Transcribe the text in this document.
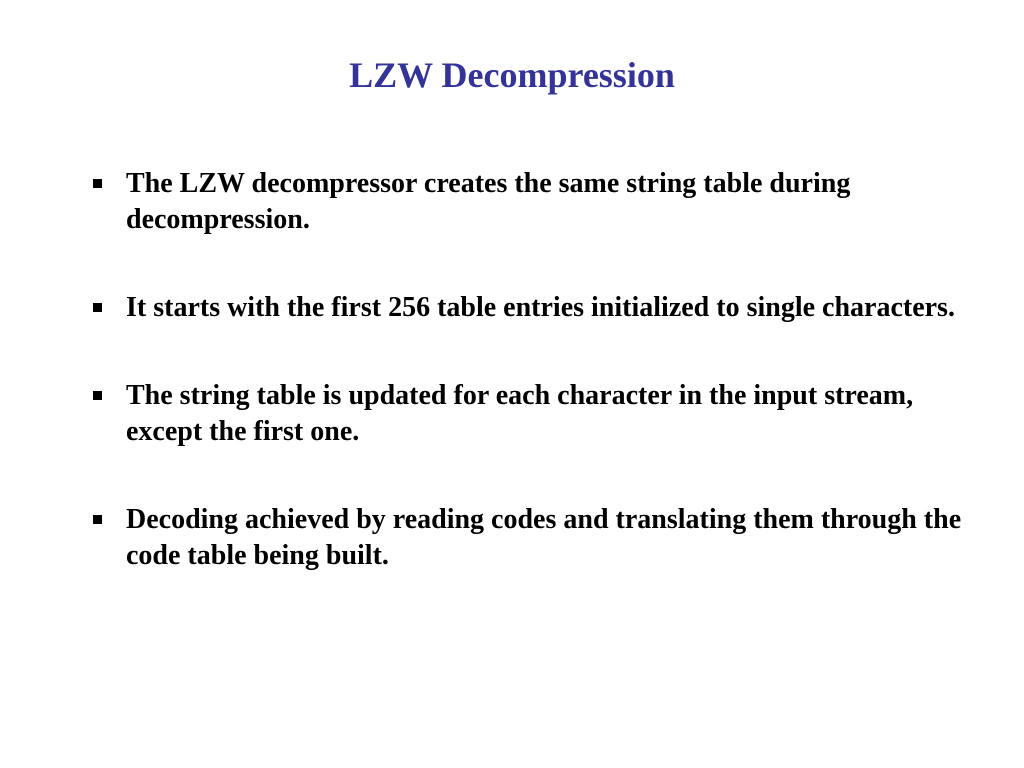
LZW Decompression
The LZW decompressor creates the same string table during decompression.
It starts with the first 256 table entries initialized to single characters.
The string table is updated for each character in the input stream, except the first one.
Decoding achieved by reading codes and translating them through the code table being built.
